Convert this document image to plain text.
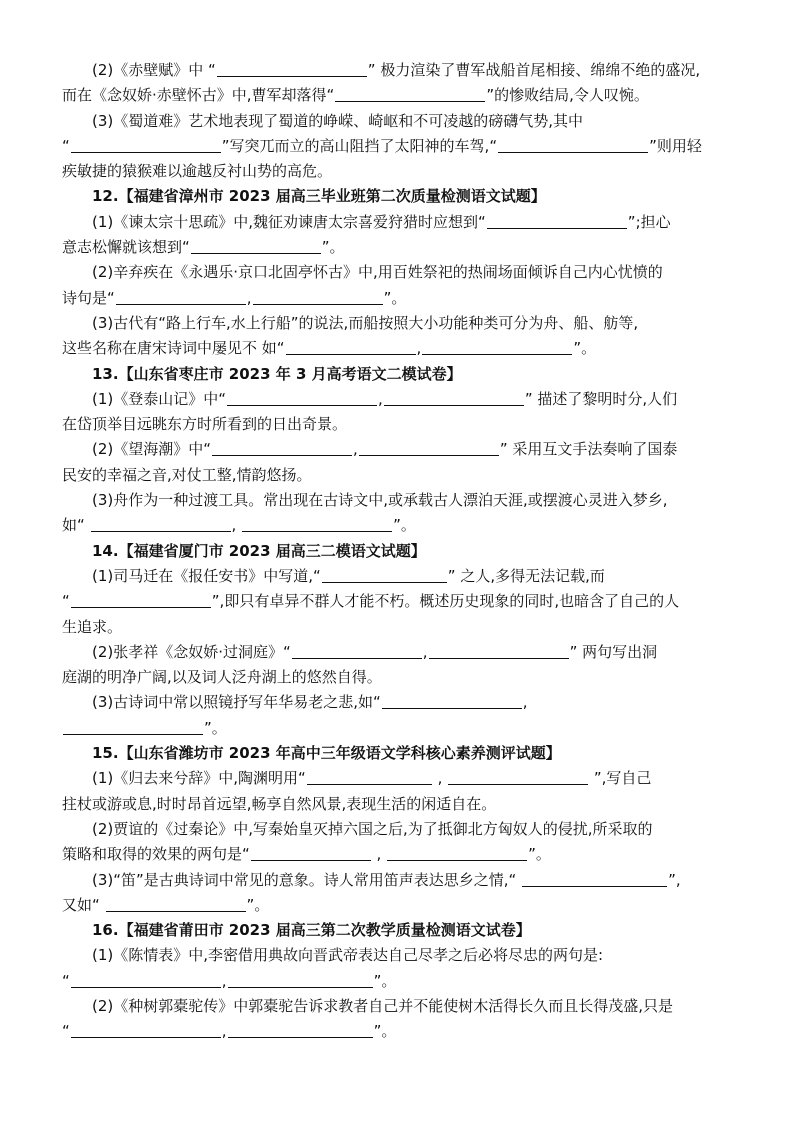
(2)《赤壁赋》中 “	” 极力渲染了曹军战船首尾相接、绵绵不绝的盛况,
而在《念奴娇·赤壁怀古》中,曹军却落得“	”的惨败结局,令人叹惋。
(3)《蜀道难》艺术地表现了蜀道的峥嵘、崎岖和不可凌越的磅礴气势,其中
“	”写突兀而立的高山阻挡了太阳神的车驾,“	”则用轻
疾敏捷的猿猴难以逾越反衬山势的高危。
12.【福建省漳州市 2023 届高三毕业班第二次质量检测语文试题】
(1)《谏太宗十思疏》中,魏征劝谏唐太宗喜爱狩猎时应想到“	”;担心
意志松懈就该想到“	”。
(2)辛弃疾在《永遇乐·京口北固亭怀古》中,用百姓祭祀的热闹场面倾诉自己内心忧愤的
诗句是“	,	”。
(3)古代有“路上行车,水上行船”的说法,而船按照大小功能种类可分为舟、船、舫等,
这些名称在唐宋诗词中屡见不 如“	,	”。
13.【山东省枣庄市 2023 年 3 月高考语文二模试卷】
(1)《登泰山记》中“	,	” 描述了黎明时分,人们
在岱顶举目远眺东方时所看到的日出奇景。
(2)《望海潮》中“	,	” 采用互文手法奏响了国泰
民安的幸福之音,对仗工整,情韵悠扬。
(3)舟作为一种过渡工具。常出现在古诗文中,或承载古人漂泊天涯,或摆渡心灵进入梦乡,
如“	,	”。
14.【福建省厦门市 2023 届高三二模语文试题】
(1)司马迁在《报任安书》中写道,“	” 之人,多得无法记载,而
“	”,即只有卓异不群人才能不朽。概述历史现象的同时,也暗含了自己的人
生追求。
(2)张孝祥《念奴娇·过洞庭》“	,	” 两句写出洞
庭湖的明净广阔,以及词人泛舟湖上的悠然自得。
(3)古诗词中常以照镜抒写年华易老之悲,如“	,
”。
15.【山东省潍坊市 2023 年高中三年级语文学科核心素养测评试题】
(1)《归去来兮辞》中,陶渊明用“	,	”,写自己
拄杖或游或息,时时昂首远望,畅享自然风景,表现生活的闲适自在。
(2)贾谊的《过秦论》中,写秦始皇灭掉六国之后,为了抵御北方匈奴人的侵扰,所采取的
策略和取得的效果的两句是“	,	”。
(3)“笛”是古典诗词中常见的意象。诗人常用笛声表达思乡之情,“	”,
又如“	”。
16.【福建省莆田市 2023 届高三第二次教学质量检测语文试卷】
(1)《陈情表》中,李密借用典故向晋武帝表达自己尽孝之后必将尽忠的两句是:
“	,	”。
(2)《种树郭橐驼传》中郭橐驼告诉求教者自己并不能使树木活得长久而且长得茂盛,只是
“	,	”。
